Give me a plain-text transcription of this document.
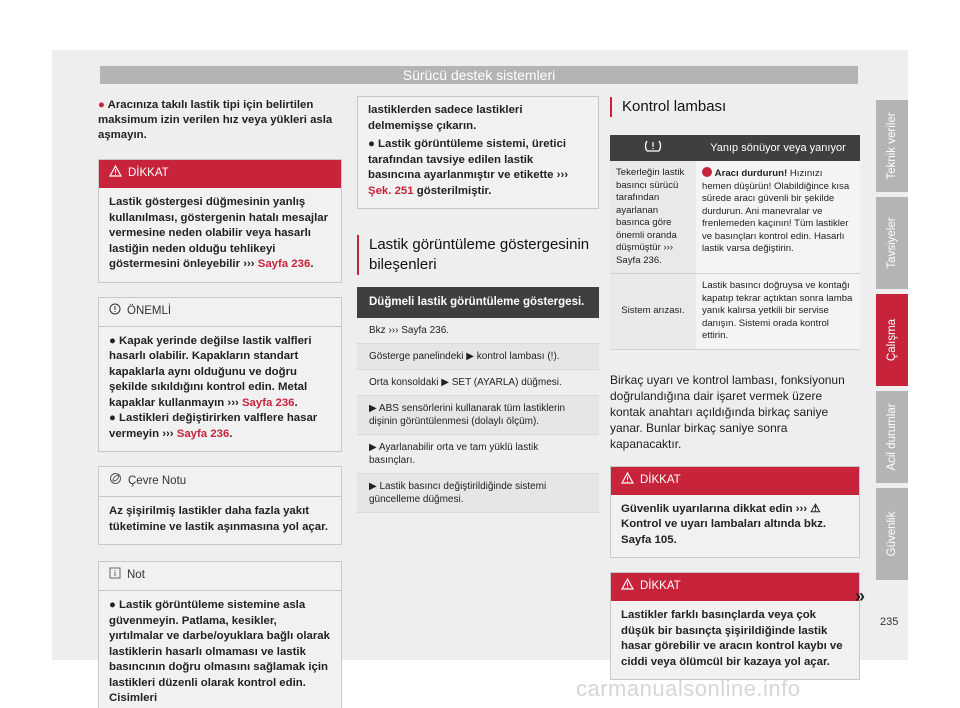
Sürücü destek sistemleri

● Aracınıza takılı lastik tipi için belirtilen maksimum izin verilen hız veya yükleri asla aşmayın.

DİKKAT
Lastik göstergesi düğmesinin yanlış kullanılması, göstergenin hatalı mesajlar vermesine neden olabilir veya hasarlı lastiğin neden olduğu tehlikeyi göstermesini önleyebilir ››› Sayfa 236.
ÖNEMLİ

● Kapak yerinde değilse lastik valfleri hasarlı olabilir. Kapakların standart kapaklarla aynı olduğunu ve doğru şekilde sıkıldığını kontrol edin. Metal kapaklar kullanmayın ››› Sayfa 236.

● Lastikleri değiştirirken valflere hasar vermeyin ››› Sayfa 236.

Çevre Notu
Az şişirilmiş lastikler daha fazla yakıt tüketimine ve lastik aşınmasına yol açar.
Not
● Lastik görüntüleme sistemine asla güvenmeyin. Patlama, kesikler, yırtılmalar ve darbe/oyuklara bağlı olarak lastiklerin hasarlı olmaması ve lastik basıncının doğru olmasını sağlamak için lastikleri düzenli olarak kontrol edin. Cisimleri

lastiklerden sadece lastikleri delmemişse çıkarın.

● Lastik görüntüleme sistemi, üretici tarafından tavsiye edilen lastik basıncına ayarlanmıştır ve etikette ››› Şek. 251 gösterilmiştir.

Lastik görüntüleme göstergesinin bileşenleri
Düğmeli lastik görüntüleme göstergesi.
Bkz ››› Sayfa 236.
Gösterge panelindeki ▶ kontrol lambası (!).
Orta konsoldaki ▶ SET (AYARLA) düğmesi.
▶ ABS sensörlerini kullanarak tüm lastiklerin dişinin görüntülenmesi (dolaylı ölçüm).
▶ Ayarlanabilir orta ve tam yüklü lastik basınçları.
▶ Lastik basıncı değiştirildiğinde sistemi güncelleme düğmesi.
Kontrol lambası
	Yanıp sönüyor veya yanıyor
Tekerleğin lastik basıncı sürücü tarafından ayarlanan basınca göre önemli oranda düşmüştür ››› Sayfa 236.	Aracı durdurun! Hızınızı hemen düşürün! Olabildiğince kısa sürede aracı güvenli bir şekilde durdurun. Ani manevralar ve frenlemeden kaçının! Tüm lastikler ve basınçları kontrol edin. Hasarlı lastik varsa değiştirin.
Sistem arızası.	Lastik basıncı doğruysa ve kontağı kapatıp tekrar açtıktan sonra lamba yanık kalırsa yetkili bir servise danışın. Sistemi orada kontrol ettirin.

Birkaç uyarı ve kontrol lambası, fonksiyonun doğrulandığına dair işaret vermek üzere kontak anahtarı açıldığında birkaç saniye yanar. Bunlar birkaç saniye sonra kapanacaktır.

DİKKAT
Güvenlik uyarılarına dikkat edin ››› ⚠ Kontrol ve uyarı lambaları altında bkz. Sayfa 105.
DİKKAT
Lastikler farklı basınçlarda veya çok düşük bir basınçta şişirildiğinde lastik hasar görebilir ve aracın kontrol kaybı ve ciddi veya ölümcül bir kazaya yol açar.
Teknik veriler
Tavsiyeler
Çalışma
Acil durumlar
Güvenlik
»
235
carmanualsonline.info
